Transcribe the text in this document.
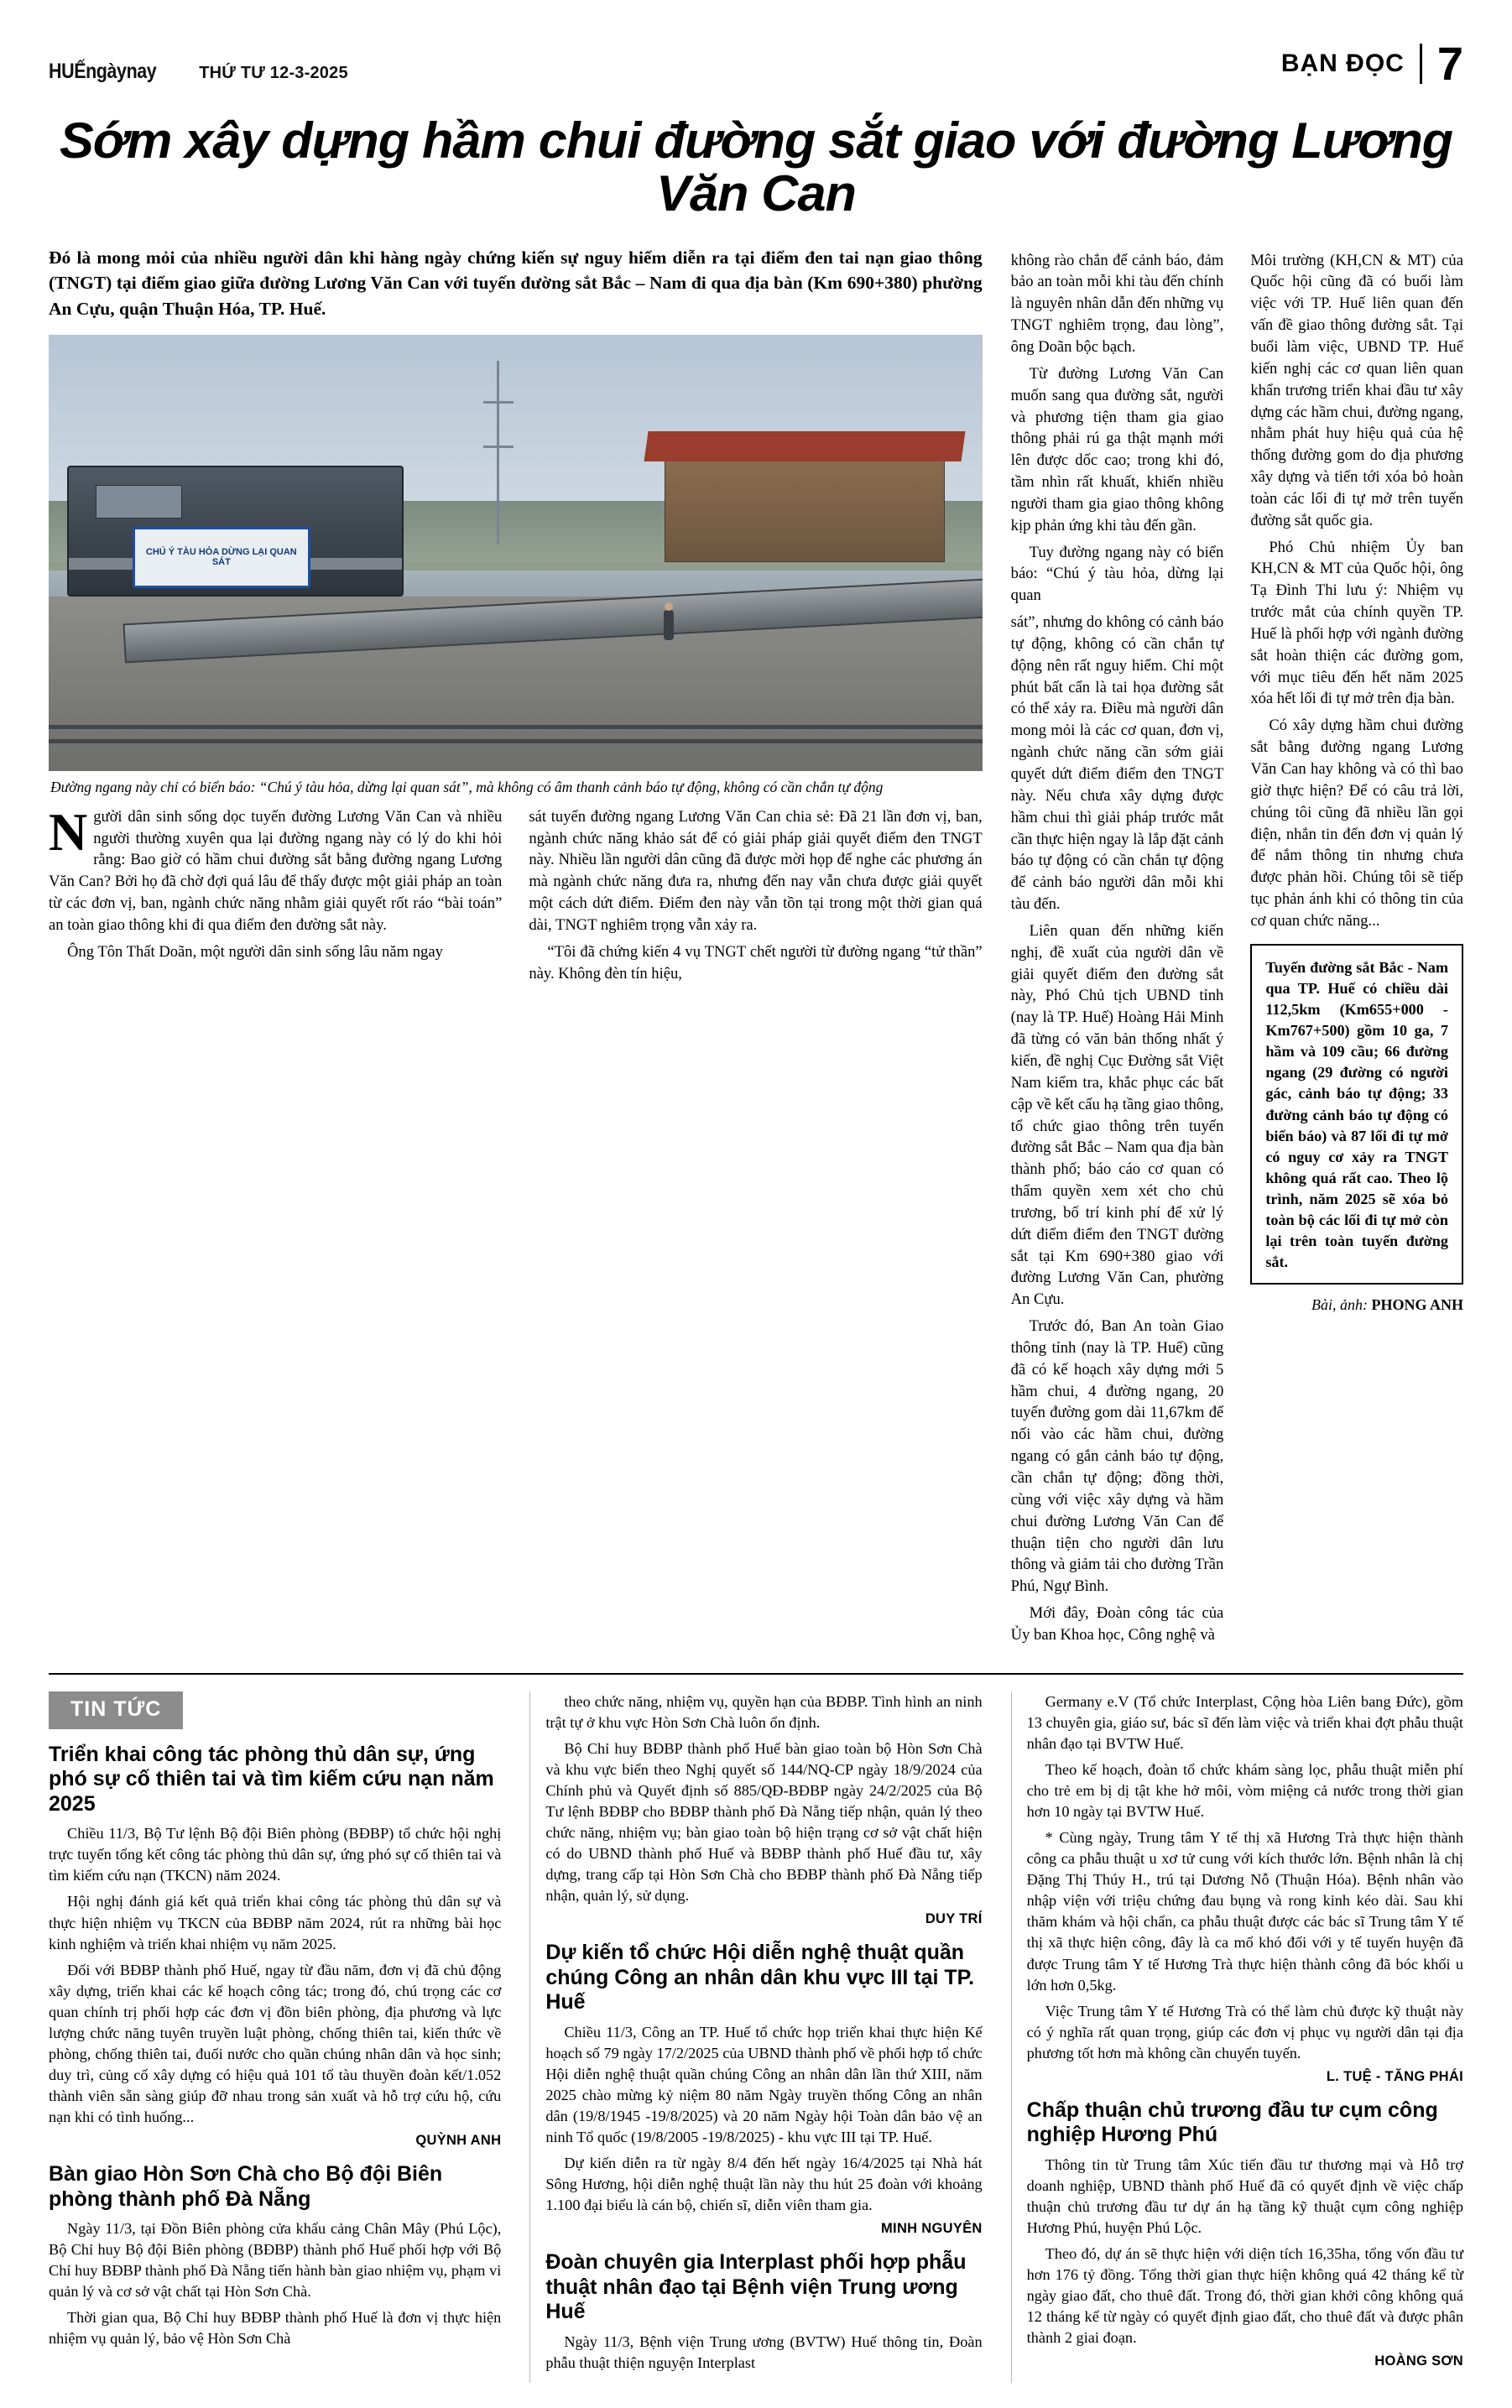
HUẾngàynay	THỨ TƯ 12-3-2025	BẠN ĐỌC 7
Sớm xây dựng hầm chui đường sắt giao với đường Lương Văn Can

Đó là mong mỏi của nhiều người dân khi hàng ngày chứng kiến sự nguy hiểm diễn ra tại điểm đen tai nạn giao thông (TNGT) tại điểm giao giữa đường Lương Văn Can với tuyến đường sắt Bắc – Nam đi qua địa bàn (Km 690+380) phường An Cựu, quận Thuận Hóa, TP. Huế.

CHÚ Ý TÀU HỎA DỪNG LẠI QUAN SÁT
Đường ngang này chỉ có biển báo: “Chú ý tàu hỏa, dừng lại quan sát”, mà không có âm thanh cảnh báo tự động, không có cần chắn tự động

Người dân sinh sống dọc tuyến đường Lương Văn Can và nhiều người thường xuyên qua lại đường ngang này có lý do khi hỏi rằng: Bao giờ có hầm chui đường sắt bằng đường ngang Lương Văn Can? Bởi họ đã chờ đợi quá lâu để thấy được một giải pháp an toàn từ các đơn vị, ban, ngành chức năng nhằm giải quyết rốt ráo “bài toán” an toàn giao thông khi đi qua điểm đen đường sắt này.

Ông Tôn Thất Doãn, một người dân sinh sống lâu năm ngay

sát tuyến đường ngang Lương Văn Can chia sẻ: Đã 21 lần đơn vị, ban, ngành chức năng khảo sát để có giải pháp giải quyết điểm đen TNGT này. Nhiều lần người dân cũng đã được mời họp để nghe các phương án mà ngành chức năng đưa ra, nhưng đến nay vẫn chưa được giải quyết một cách dứt điểm. Điểm đen này vẫn tồn tại trong một thời gian quá dài, TNGT nghiêm trọng vẫn xảy ra.

“Tôi đã chứng kiến 4 vụ TNGT chết người từ đường ngang “tử thần” này. Không đèn tín hiệu,

không rào chắn để cảnh báo, đảm bảo an toàn mỗi khi tàu đến chính là nguyên nhân dẫn đến những vụ TNGT nghiêm trọng, đau lòng”, ông Doãn bộc bạch.

Từ đường Lương Văn Can muốn sang qua đường sắt, người và phương tiện tham gia giao thông phải rú ga thật mạnh mới lên được dốc cao; trong khi đó, tầm nhìn rất khuất, khiến nhiều người tham gia giao thông không kịp phản ứng khi tàu đến gần.

Tuy đường ngang này có biển báo: “Chú ý tàu hỏa, dừng lại quan

sát”, nhưng do không có cảnh báo tự động, không có cần chắn tự động nên rất nguy hiểm. Chỉ một phút bất cẩn là tai họa đường sắt có thể xảy ra. Điều mà người dân mong mỏi là các cơ quan, đơn vị, ngành chức năng cần sớm giải quyết dứt điểm điểm đen TNGT này. Nếu chưa xây dựng được hầm chui thì giải pháp trước mắt cần thực hiện ngay là lắp đặt cảnh báo tự động có cần chắn tự động để cảnh báo người dân mỗi khi tàu đến.

Liên quan đến những kiến nghị, đề xuất của người dân về giải quyết điểm đen đường sắt này, Phó Chủ tịch UBND tỉnh (nay là TP. Huế) Hoàng Hải Minh đã từng có văn bản thống nhất ý kiến, đề nghị Cục Đường sắt Việt Nam kiểm tra, khắc phục các bất cập về kết cấu hạ tầng giao thông, tổ chức giao thông trên tuyến đường sắt Bắc – Nam qua địa bàn thành phố; báo cáo cơ quan có thẩm quyền xem xét cho chủ trương, bố trí kinh phí để xử lý dứt điểm điểm đen TNGT đường sắt tại Km 690+380 giao với đường Lương Văn Can, phường An Cựu.

Trước đó, Ban An toàn Giao thông tỉnh (nay là TP. Huế) cũng đã có kế hoạch xây dựng mới 5 hầm chui, 4 đường ngang, 20 tuyến đường gom dài 11,67km để nối vào các hầm chui, đường ngang có gắn cảnh báo tự động, cần chắn tự động; đồng thời, cùng với việc xây dựng và hầm chui đường Lương Văn Can để thuận tiện cho người dân lưu thông và giảm tải cho đường Trần Phú, Ngự Bình.

Mới đây, Đoàn công tác của Ủy ban Khoa học, Công nghệ và

Môi trường (KH,CN & MT) của Quốc hội cũng đã có buổi làm việc với TP. Huế liên quan đến vấn đề giao thông đường sắt. Tại buổi làm việc, UBND TP. Huế kiến nghị các cơ quan liên quan khẩn trương triển khai đầu tư xây dựng các hầm chui, đường ngang, nhằm phát huy hiệu quả của hệ thống đường gom do địa phương xây dựng và tiến tới xóa bỏ hoàn toàn các lối đi tự mở trên tuyến đường sắt quốc gia.

Phó Chủ nhiệm Ủy ban KH,CN & MT của Quốc hội, ông Tạ Đình Thi lưu ý: Nhiệm vụ trước mắt của chính quyền TP. Huế là phối hợp với ngành đường sắt hoàn thiện các đường gom, với mục tiêu đến hết năm 2025 xóa hết lối đi tự mở trên địa bàn.

Có xây dựng hầm chui đường sắt bằng đường ngang Lương Văn Can hay không và có thì bao giờ thực hiện? Để có câu trả lời, chúng tôi cũng đã nhiều lần gọi điện, nhắn tin đến đơn vị quản lý để nắm thông tin nhưng chưa được phản hồi. Chúng tôi sẽ tiếp tục phản ánh khi có thông tin của cơ quan chức năng...

Tuyến đường sắt Bắc - Nam qua TP. Huế có chiều dài 112,5km (Km655+000 - Km767+500) gồm 10 ga, 7 hầm và 109 cầu; 66 đường ngang (29 đường có người gác, cảnh báo tự động; 33 đường cảnh báo tự động có biển báo) và 87 lối đi tự mở có nguy cơ xảy ra TNGT không quá rất cao. Theo lộ trình, năm 2025 sẽ xóa bỏ toàn bộ các lối đi tự mở còn lại trên toàn tuyến đường sắt.
Bài, ảnh: PHONG ANH
TIN TỨC
Triển khai công tác phòng thủ dân sự, ứng phó sự cố thiên tai và tìm kiếm cứu nạn năm 2025

Chiều 11/3, Bộ Tư lệnh Bộ đội Biên phòng (BĐBP) tổ chức hội nghị trực tuyến tổng kết công tác phòng thủ dân sự, ứng phó sự cố thiên tai và tìm kiếm cứu nạn (TKCN) năm 2024.

Hội nghị đánh giá kết quả triển khai công tác phòng thủ dân sự và thực hiện nhiệm vụ TKCN của BĐBP năm 2024, rút ra những bài học kinh nghiệm và triển khai nhiệm vụ năm 2025.

Đối với BĐBP thành phố Huế, ngay từ đầu năm, đơn vị đã chủ động xây dựng, triển khai các kế hoạch công tác; trong đó, chú trọng các cơ quan chính trị phối hợp các đơn vị đồn biên phòng, địa phương và lực lượng chức năng tuyên truyền luật phòng, chống thiên tai, kiến thức về phòng, chống thiên tai, đuối nước cho quần chúng nhân dân và học sinh; duy trì, củng cố xây dựng có hiệu quả 101 tổ tàu thuyền đoàn kết/1.052 thành viên sẵn sàng giúp đỡ nhau trong sản xuất và hỗ trợ cứu hộ, cứu nạn khi có tình huống...

QUỲNH ANH
Bàn giao Hòn Sơn Chà cho Bộ đội Biên phòng thành phố Đà Nẵng

Ngày 11/3, tại Đồn Biên phòng cửa khẩu cảng Chân Mây (Phú Lộc), Bộ Chỉ huy Bộ đội Biên phòng (BĐBP) thành phố Huế phối hợp với Bộ Chỉ huy BĐBP thành phố Đà Nẵng tiến hành bàn giao nhiệm vụ, phạm vi quản lý và cơ sở vật chất tại Hòn Sơn Chà.

Thời gian qua, Bộ Chỉ huy BĐBP thành phố Huế là đơn vị thực hiện nhiệm vụ quản lý, bảo vệ Hòn Sơn Chà

theo chức năng, nhiệm vụ, quyền hạn của BĐBP. Tình hình an ninh trật tự ở khu vực Hòn Sơn Chà luôn ổn định.

Bộ Chỉ huy BĐBP thành phố Huế bàn giao toàn bộ Hòn Sơn Chà và khu vực biển theo Nghị quyết số 144/NQ-CP ngày 18/9/2024 của Chính phủ và Quyết định số 885/QĐ-BĐBP ngày 24/2/2025 của Bộ Tư lệnh BĐBP cho BĐBP thành phố Đà Nẵng tiếp nhận, quản lý theo chức năng, nhiệm vụ; bàn giao toàn bộ hiện trạng cơ sở vật chất hiện có do UBND thành phố Huế và BĐBP thành phố Huế đầu tư, xây dựng, trang cấp tại Hòn Sơn Chà cho BĐBP thành phố Đà Nẵng tiếp nhận, quản lý, sử dụng.

DUY TRÍ
Dự kiến tổ chức Hội diễn nghệ thuật quần chúng Công an nhân dân khu vực III tại TP. Huế

Chiều 11/3, Công an TP. Huế tổ chức họp triển khai thực hiện Kế hoạch số 79 ngày 17/2/2025 của UBND thành phố về phối hợp tổ chức Hội diễn nghệ thuật quần chúng Công an nhân dân lần thứ XIII, năm 2025 chào mừng kỷ niệm 80 năm Ngày truyền thống Công an nhân dân (19/8/1945 -19/8/2025) và 20 năm Ngày hội Toàn dân bảo vệ an ninh Tổ quốc (19/8/2005 -19/8/2025) - khu vực III tại TP. Huế.

Dự kiến diễn ra từ ngày 8/4 đến hết ngày 16/4/2025 tại Nhà hát Sông Hương, hội diễn nghệ thuật lần này thu hút 25 đoàn với khoảng 1.100 đại biểu là cán bộ, chiến sĩ, diễn viên tham gia.

MINH NGUYÊN
Đoàn chuyên gia Interplast phối hợp phẫu thuật nhân đạo tại Bệnh viện Trung ương Huế

Ngày 11/3, Bệnh viện Trung ương (BVTW) Huế thông tin, Đoàn phẫu thuật thiện nguyện Interplast

Germany e.V (Tổ chức Interplast, Cộng hòa Liên bang Đức), gồm 13 chuyên gia, giáo sư, bác sĩ đến làm việc và triển khai đợt phẫu thuật nhân đạo tại BVTW Huế.

Theo kế hoạch, đoàn tổ chức khám sàng lọc, phẫu thuật miễn phí cho trẻ em bị dị tật khe hở môi, vòm miệng cả nước trong thời gian hơn 10 ngày tại BVTW Huế.

* Cùng ngày, Trung tâm Y tế thị xã Hương Trà thực hiện thành công ca phẫu thuật u xơ tử cung với kích thước lớn. Bệnh nhân là chị Đặng Thị Thúy H., trú tại Dương Nỗ (Thuận Hóa). Bệnh nhân vào nhập viện với triệu chứng đau bụng và rong kinh kéo dài. Sau khi thăm khám và hội chẩn, ca phẫu thuật được các bác sĩ Trung tâm Y tế thị xã thực hiện công, đây là ca mổ khó đối với y tế tuyến huyện đã được Trung tâm Y tế Hương Trà thực hiện thành công đã bóc khối u lớn hơn 0,5kg.

Việc Trung tâm Y tế Hương Trà có thể làm chủ được kỹ thuật này có ý nghĩa rất quan trọng, giúp các đơn vị phục vụ người dân tại địa phương tốt hơn mà không cần chuyển tuyến.

L. TUỆ - TĂNG PHÁI
Chấp thuận chủ trương đầu tư cụm công nghiệp Hương Phú

Thông tin từ Trung tâm Xúc tiến đầu tư thương mại và Hỗ trợ doanh nghiệp, UBND thành phố Huế đã có quyết định về việc chấp thuận chủ trương đầu tư dự án hạ tầng kỹ thuật cụm công nghiệp Hương Phú, huyện Phú Lộc.

Theo đó, dự án sẽ thực hiện với diện tích 16,35ha, tổng vốn đầu tư hơn 176 tỷ đồng. Tổng thời gian thực hiện không quá 42 tháng kể từ ngày giao đất, cho thuê đất. Trong đó, thời gian khởi công không quá 12 tháng kể từ ngày có quyết định giao đất, cho thuê đất và được phân thành 2 giai đoạn.

HOÀNG SƠN
